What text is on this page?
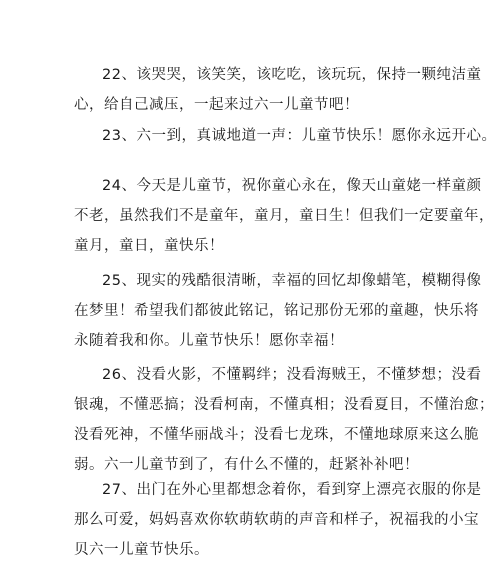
22、该哭哭，该笑笑，该吃吃，该玩玩，保持一颗纯洁童
心，给自己减压，一起来过六一儿童节吧！

23、六一到，真诚地道一声：儿童节快乐！愿你永远开心。

24、今天是儿童节，祝你童心永在，像天山童姥一样童颜
不老，虽然我们不是童年，童月，童日生！但我们一定要童年，
童月，童日，童快乐！

25、现实的残酷很清晰，幸福的回忆却像蜡笔，模糊得像
在梦里！希望我们都彼此铭记，铭记那份无邪的童趣，快乐将
永随着我和你。儿童节快乐！愿你幸福！

26、没看火影，不懂羁绊；没看海贼王，不懂梦想；没看
银魂，不懂恶搞；没看柯南，不懂真相；没看夏目，不懂治愈；
没看死神，不懂华丽战斗；没看七龙珠，不懂地球原来这么脆
弱。六一儿童节到了，有什么不懂的，赶紧补补吧！

27、出门在外心里都想念着你，看到穿上漂亮衣服的你是
那么可爱，妈妈喜欢你软萌软萌的声音和样子，祝福我的小宝
贝六一儿童节快乐。
